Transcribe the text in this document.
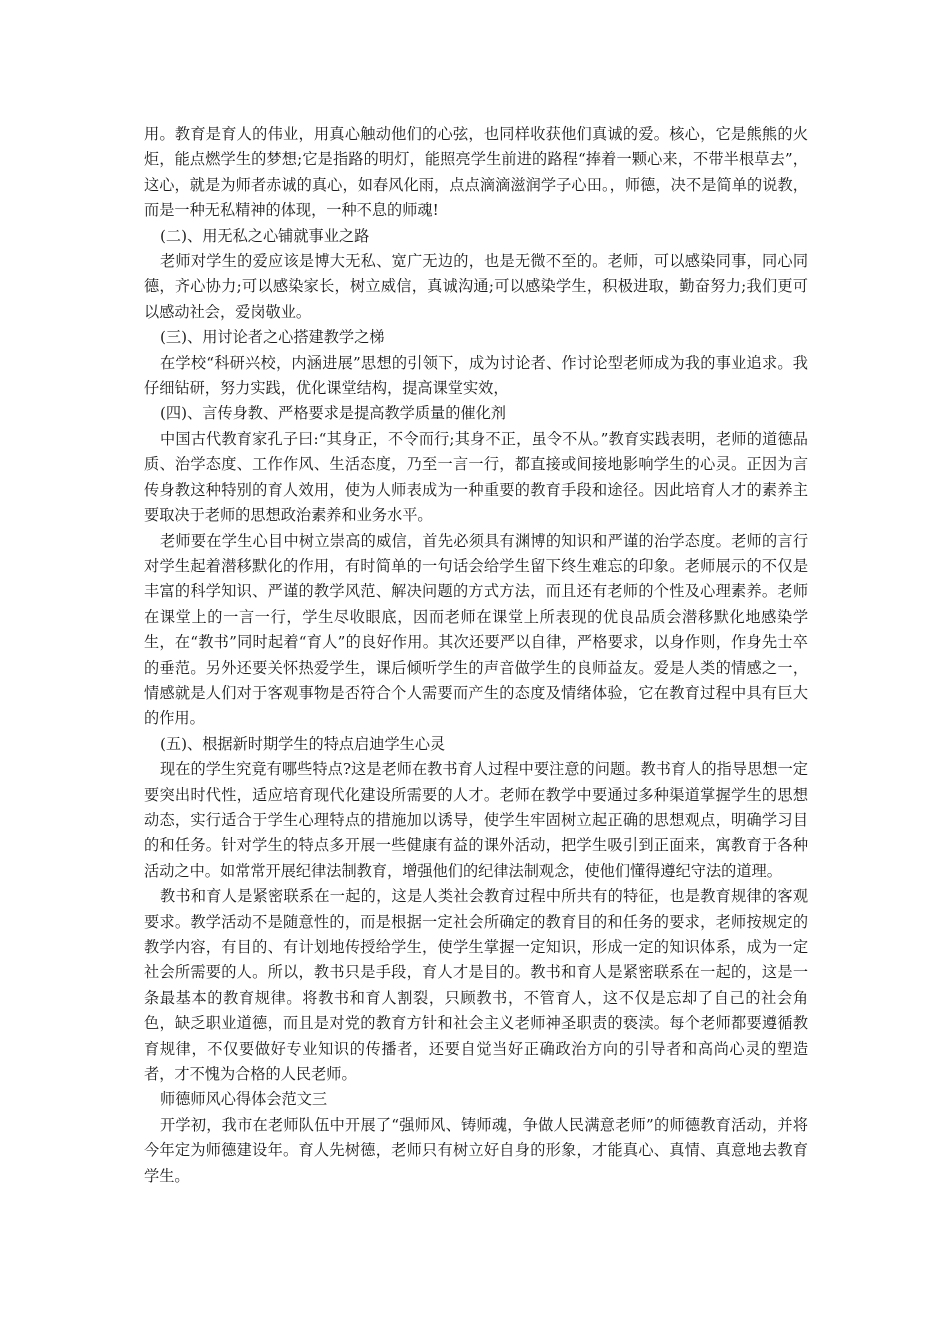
用。教育是育人的伟业，用真心触动他们的心弦，也同样收获他们真诚的爱。核心，它是熊熊的火炬，能点燃学生的梦想;它是指路的明灯，能照亮学生前进的路程“捧着一颗心来，不带半根草去”，这心，就是为师者赤诚的真心，如春风化雨，点点滴滴滋润学子心田。，师德，决不是简单的说教，而是一种无私精神的体现，一种不息的师魂!

(二)、用无私之心铺就事业之路

老师对学生的爱应该是博大无私、宽广无边的，也是无微不至的。老师，可以感染同事，同心同德，齐心协力;可以感染家长，树立威信，真诚沟通;可以感染学生，积极进取，勤奋努力;我们更可以感动社会，爱岗敬业。

(三)、用讨论者之心搭建教学之梯

在学校“科研兴校，内涵进展”思想的引领下，成为讨论者、作讨论型老师成为我的事业追求。我仔细钻研，努力实践，优化课堂结构，提高课堂实效，

(四)、言传身教、严格要求是提高教学质量的催化剂

中国古代教育家孔子曰:“其身正，不令而行;其身不正，虽令不从。”教育实践表明，老师的道德品质、治学态度、工作作风、生活态度，乃至一言一行，都直接或间接地影响学生的心灵。正因为言传身教这种特别的育人效用，使为人师表成为一种重要的教育手段和途径。因此培育人才的素养主要取决于老师的思想政治素养和业务水平。

老师要在学生心目中树立崇高的威信，首先必须具有渊博的知识和严谨的治学态度。老师的言行对学生起着潜移默化的作用，有时简单的一句话会给学生留下终生难忘的印象。老师展示的不仅是丰富的科学知识、严谨的教学风范、解决问题的方式方法，而且还有老师的个性及心理素养。老师在课堂上的一言一行，学生尽收眼底，因而老师在课堂上所表现的优良品质会潜移默化地感染学生，在“教书”同时起着“育人”的良好作用。其次还要严以自律，严格要求，以身作则，作身先士卒的垂范。另外还要关怀热爱学生，课后倾听学生的声音做学生的良师益友。爱是人类的情感之一，情感就是人们对于客观事物是否符合个人需要而产生的态度及情绪体验，它在教育过程中具有巨大的作用。

(五)、根据新时期学生的特点启迪学生心灵

现在的学生究竟有哪些特点?这是老师在教书育人过程中要注意的问题。教书育人的指导思想一定要突出时代性，适应培育现代化建设所需要的人才。老师在教学中要通过多种渠道掌握学生的思想动态，实行适合于学生心理特点的措施加以诱导，使学生牢固树立起正确的思想观点，明确学习目的和任务。针对学生的特点多开展一些健康有益的课外活动，把学生吸引到正面来，寓教育于各种活动之中。如常常开展纪律法制教育，增强他们的纪律法制观念，使他们懂得遵纪守法的道理。

教书和育人是紧密联系在一起的，这是人类社会教育过程中所共有的特征，也是教育规律的客观要求。教学活动不是随意性的，而是根据一定社会所确定的教育目的和任务的要求，老师按规定的教学内容，有目的、有计划地传授给学生，使学生掌握一定知识，形成一定的知识体系，成为一定社会所需要的人。所以，教书只是手段，育人才是目的。教书和育人是紧密联系在一起的，这是一条最基本的教育规律。将教书和育人割裂，只顾教书，不管育人，这不仅是忘却了自己的社会角色，缺乏职业道德，而且是对党的教育方针和社会主义老师神圣职责的亵渎。每个老师都要遵循教育规律，不仅要做好专业知识的传播者，还要自觉当好正确政治方向的引导者和高尚心灵的塑造者，才不愧为合格的人民老师。

师德师风心得体会范文三

开学初，我市在老师队伍中开展了“强师风、铸师魂，争做人民满意老师”的师德教育活动，并将今年定为师德建设年。育人先树德，老师只有树立好自身的形象，才能真心、真情、真意地去教育学生。
